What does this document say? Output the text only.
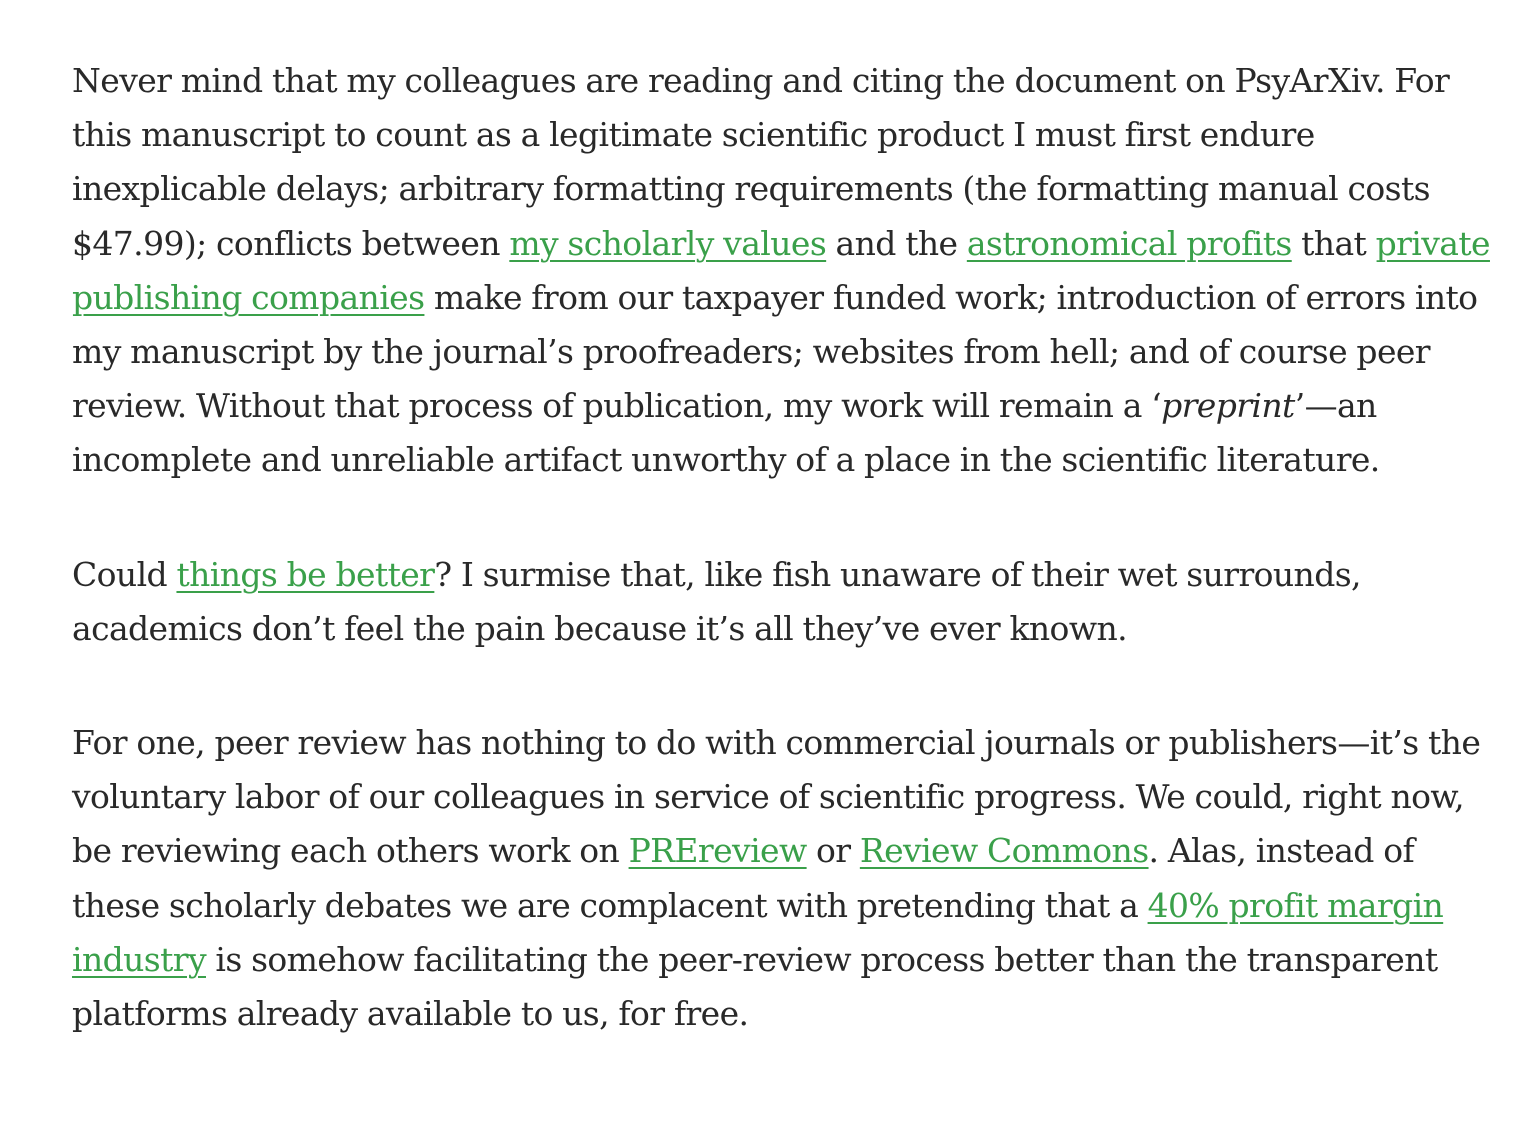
Never mind that my colleagues are reading and citing the document on PsyArXiv. For this manuscript to count as a legitimate scientific product I must first endure inexplicable delays; arbitrary formatting requirements (the formatting manual costs $47.99); conflicts between my scholarly values and the astronomical profits that private publishing companies make from our taxpayer funded work; introduction of errors into my manuscript by the journal’s proofreaders; websites from hell; and of course peer review. Without that process of publication, my work will remain a ‘preprint’—an incomplete and unreliable artifact unworthy of a place in the scientific literature.

Could things be better? I surmise that, like fish unaware of their wet surrounds, academics don’t feel the pain because it’s all they’ve ever known.

For one, peer review has nothing to do with commercial journals or publishers—it’s the voluntary labor of our colleagues in service of scientific progress. We could, right now, be reviewing each others work on PREreview or Review Commons. Alas, instead of these scholarly debates we are complacent with pretending that a 40% profit margin industry is somehow facilitating the peer-review process better than the transparent platforms already available to us, for free.
